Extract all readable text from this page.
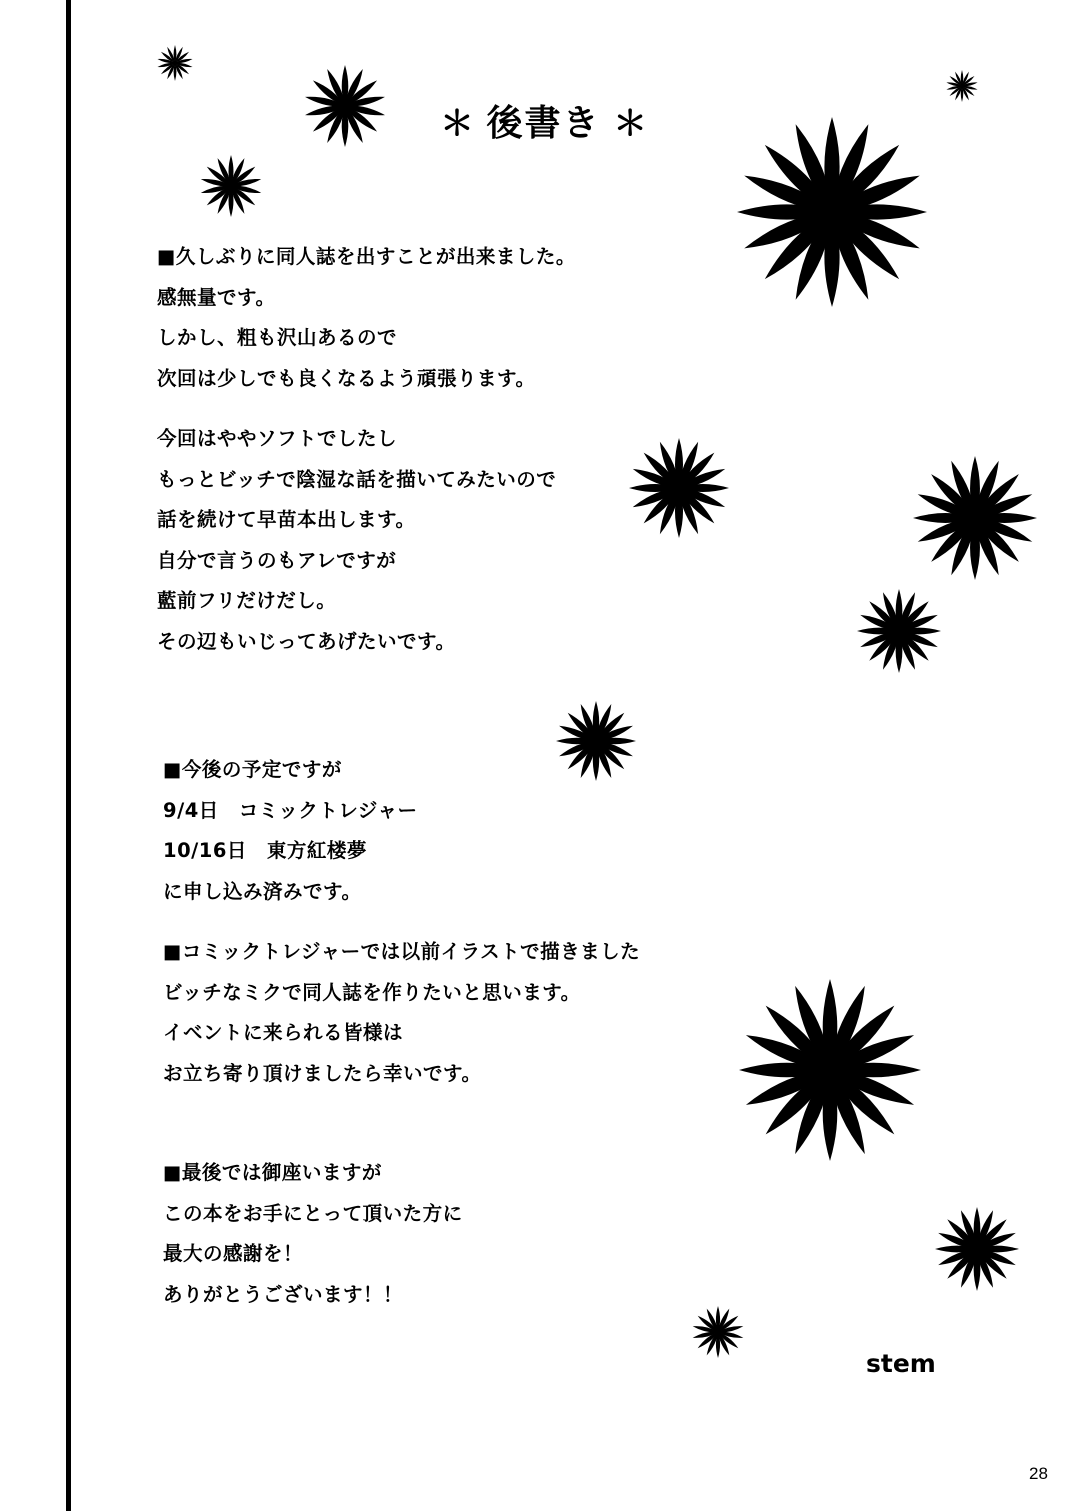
＊ 後書き ＊
■久しぶりに同人誌を出すことが出来ました。
感無量です。
しかし、粗も沢山あるので
次回は少しでも良くなるよう頑張ります。
今回はややソフトでしたし
もっとビッチで陰湿な話を描いてみたいので
話を続けて早苗本出します。
自分で言うのもアレですが
藍前フリだけだし。
その辺もいじってあげたいです。
■今後の予定ですが
9/4日　コミックトレジャー
10/16日　東方紅楼夢
に申し込み済みです。
■コミックトレジャーでは以前イラストで描きました
ビッチなミクで同人誌を作りたいと思います。
イベントに来られる皆様は
お立ち寄り頂けましたら幸いです。
■最後では御座いますが
この本をお手にとって頂いた方に
最大の感謝を！
ありがとうございます！！
stem
28
